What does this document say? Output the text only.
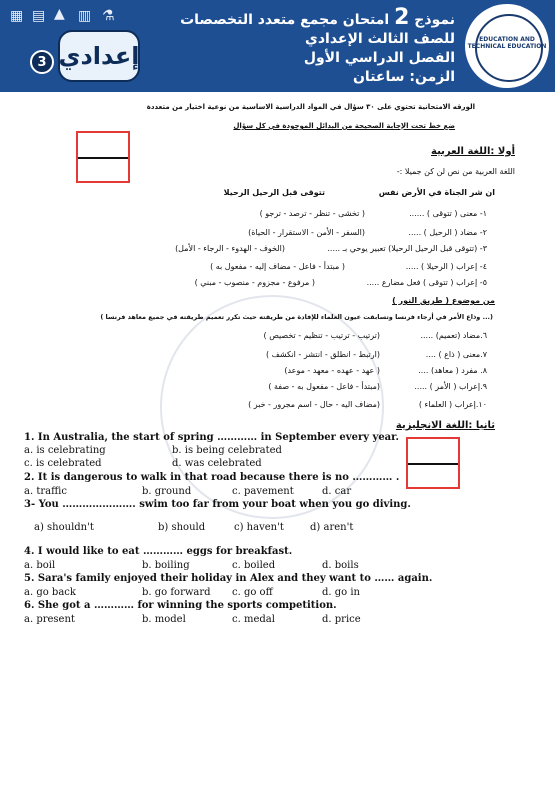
▦ ▤ ▲ ▥ ⚗
إعدادي
3
نموذج 2 امتحان مجمع متعدد التخصصات
للصف الثالث الإعدادي
الفصل الدراسي الأول
الزمن: ساعتان
EDUCATION AND TECHNICAL EDUCATION
الورقه الامتحانية تحتوي على ٣٠ سؤال في المواد الدراسية الاساسية من نوعية اختيار من متعددة
ضع خط تحت الإجابة الصحيحة من البدائل الموجودة في كل سؤال
أولا :اللغة العربية
اللغة العربية من نص لن كن جميلا :-
ان شر الجناة في الأرض نفس
تتوقى قبل الرحيل الرحيلا
١- معنى ( تتوقى ) ......
( تخشى - تنظر - ترصد - ترجو )
٢- مضاد ( الرحيل ) .....
(السفر - الأمن - الاستقرار - الحياة)
٣- (تتوقى قبل الرحيل الرحيلا) تعبير يوحي بـ .....
(الخوف - الهدوء - الرجاء - الأمل)
٤- إعراب ( الرحيلا ) .....
( مبتدأ - فاعل - مضاف إليه - مفعول به )
٥- إعراب ( تتوقى ) فعل مضارع .....
( مرفوع - مجزوم - منصوب - مبني )
من موضوع ( طريق النور )
(... وذاع الأمر في أرجاء فرنسا وتسابقت عيون العلماء للإفادة من طريقته حيث تكرر تعميم طريقته في جميع معاهد فرنسا )
٦.مضاد (تعميم) .....
(ترتيب - ترتيب - تنظيم - تخصيص )
٧.معنى ( ذاع ) ....
(ارتبط - انطلق - انتشر - انكشف )
٨. مفرد ( معاهد) ....
( عهد - عهده - معهد - موعد)
٩.إعراب ( الأمر ) .....
(مبتدأ - فاعل - مفعول به - صفة )
١٠.إعراب ( العلماء )
(مضاف اليه - حال - اسم مجرور - خبر )
ثانيا :اللغة الانجليزية
1. In Australia, the start of spring ………… in September every year.
a. is celebrating	b. is being celebrated
c. is celebrated	d. was celebrated
2. It is dangerous to walk in that road because there is no ………… .
a. traffic	b. ground	c. pavement	d. car
3- You …………………. swim too far from your boat when you go diving.
a) shouldn't	b) should	c) haven't	d) aren't
4. I would like to eat ………… eggs for breakfast.
a. boil	b. boiling	c. boiled	d. boils
5. Sara's family enjoyed their holiday in Alex and they want to …… again.
a. go back	b. go forward c. go off	d. go in
6. She got a ………… for winning the sports competition.
a. present	b. model	c. medal	d. price
